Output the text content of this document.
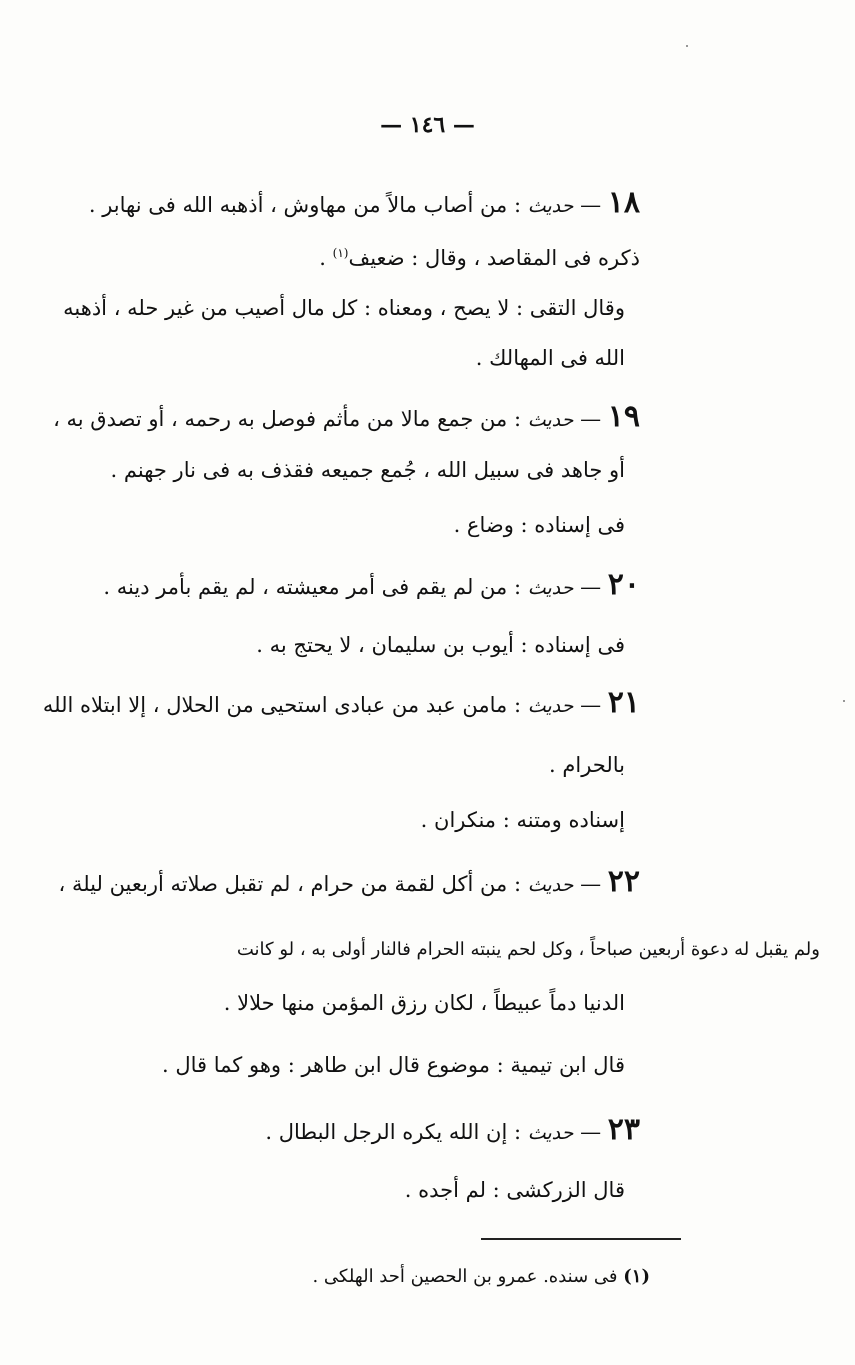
— ١٤٦ —
١٨ — حديث : من أصاب مالاً من مهاوش ، أذهبه الله فى نهابر .
ذكره فى المقاصد ، وقال : ضعيف$^{(١)}$ .
وقال التقى : لا يصح ، ومعناه : كل مال أصيب من غير حله ، أذهبه
الله فى المهالك .
١٩ — حديث : من جمع مالا من مأثم فوصل به رحمه ، أو تصدق به ،
أو جاهد فى سبيل الله ، جُمع جميعه فقذف به فى نار جهنم .
فى إسناده : وضاع .
٢٠ — حديث : من لم يقم فى أمر معيشته ، لم يقم بأمر دينه .
فى إسناده : أيوب بن سليمان ، لا يحتج به .
٢١ — حديث : مامن عبد من عبادى استحيى من الحلال ، إلا ابتلاه الله
بالحرام .
إسناده ومتنه : منكران .
٢٢ — حديث : من أكل لقمة من حرام ، لم تقبل صلاته أربعين ليلة ،
ولم يقبل له دعوة أربعين صباحاً ، وكل لحم ينبته الحرام فالنار أولى به ، لو كانت
الدنيا دماً عبيطاً ، لكان رزق المؤمن منها حلالا .
قال ابن تيمية : موضوع قال ابن طاهر : وهو كما قال .
٢٣ — حديث : إن الله يكره الرجل البطال .
قال الزركشى : لم أجده .
(١) فى سنده. عمرو بن الحصين أحد الهلكى .
